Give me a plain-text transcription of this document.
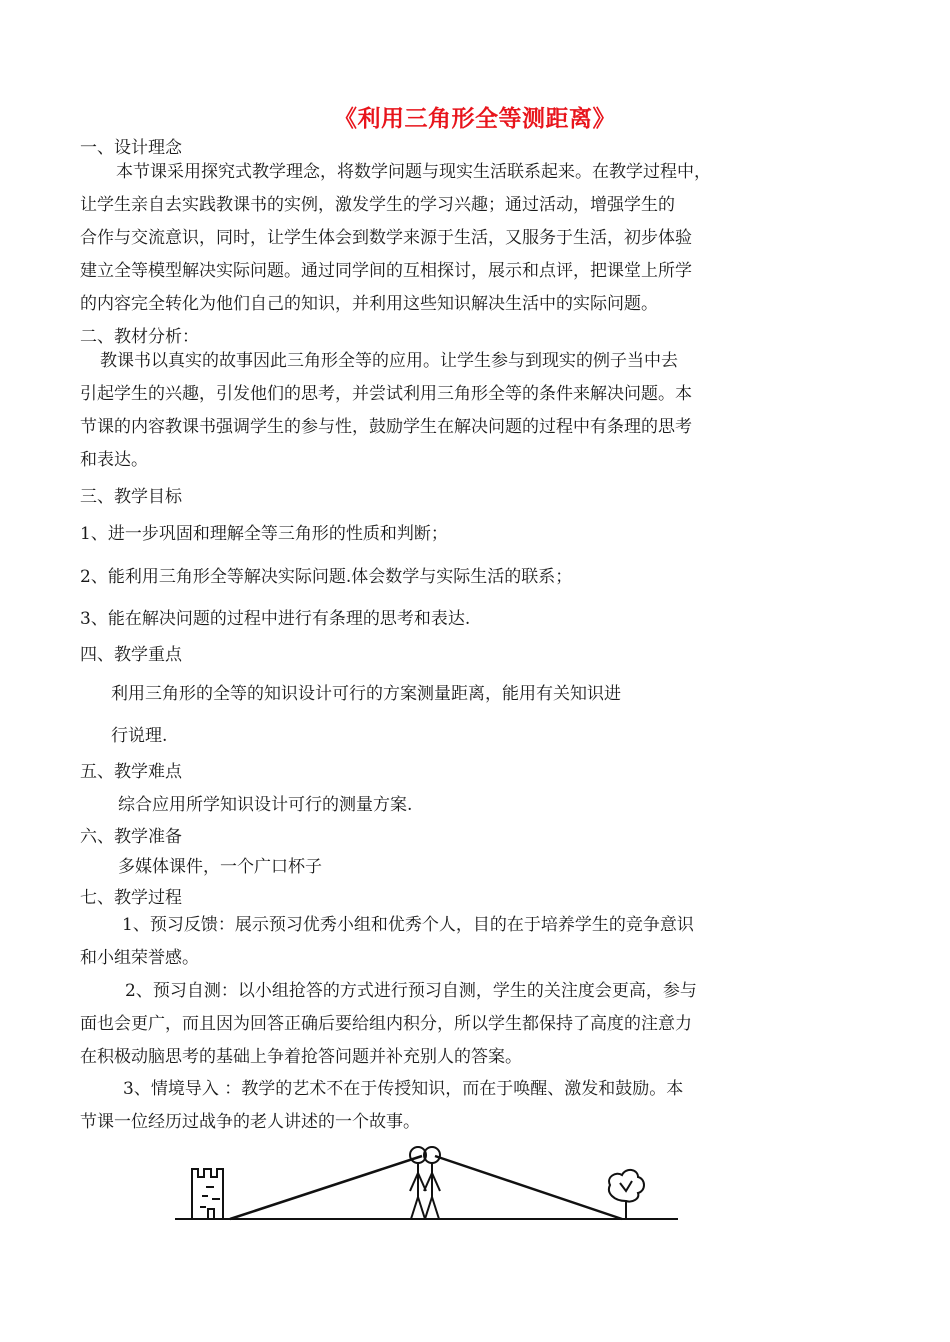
《利用三角形全等测距离》
一、设计理念
本节课采用探究式教学理念，将数学问题与现实生活联系起来。在教学过程中，
让学生亲自去实践教课书的实例，激发学生的学习兴趣；通过活动，增强学生的
合作与交流意识，同时，让学生体会到数学来源于生活，又服务于生活，初步体验
建立全等模型解决实际问题。通过同学间的互相探讨，展示和点评，把课堂上所学
的内容完全转化为他们自己的知识，并利用这些知识解决生活中的实际问题。
二、教材分析：
教课书以真实的故事因此三角形全等的应用。让学生参与到现实的例子当中去
引起学生的兴趣，引发他们的思考，并尝试利用三角形全等的条件来解决问题。本
节课的内容教课书强调学生的参与性，鼓励学生在解决问题的过程中有条理的思考
和表达。
三、教学目标
1、进一步巩固和理解全等三角形的性质和判断；
2、能利用三角形全等解决实际问题.体会数学与实际生活的联系；
3、能在解决问题的过程中进行有条理的思考和表达.
四、教学重点
利用三角形的全等的知识设计可行的方案测量距离，能用有关知识进
行说理.
五、教学难点
综合应用所学知识设计可行的测量方案.
六、教学准备
多媒体课件，一个广口杯子
七、教学过程
1、预习反馈：展示预习优秀小组和优秀个人，目的在于培养学生的竞争意识
和小组荣誉感。
2、预习自测：以小组抢答的方式进行预习自测，学生的关注度会更高，参与
面也会更广，而且因为回答正确后要给组内积分，所以学生都保持了高度的注意力
在积极动脑思考的基础上争着抢答问题并补充别人的答案。
3、情境导入 ：教学的艺术不在于传授知识，而在于唤醒、激发和鼓励。本
节课一位经历过战争的老人讲述的一个故事。
